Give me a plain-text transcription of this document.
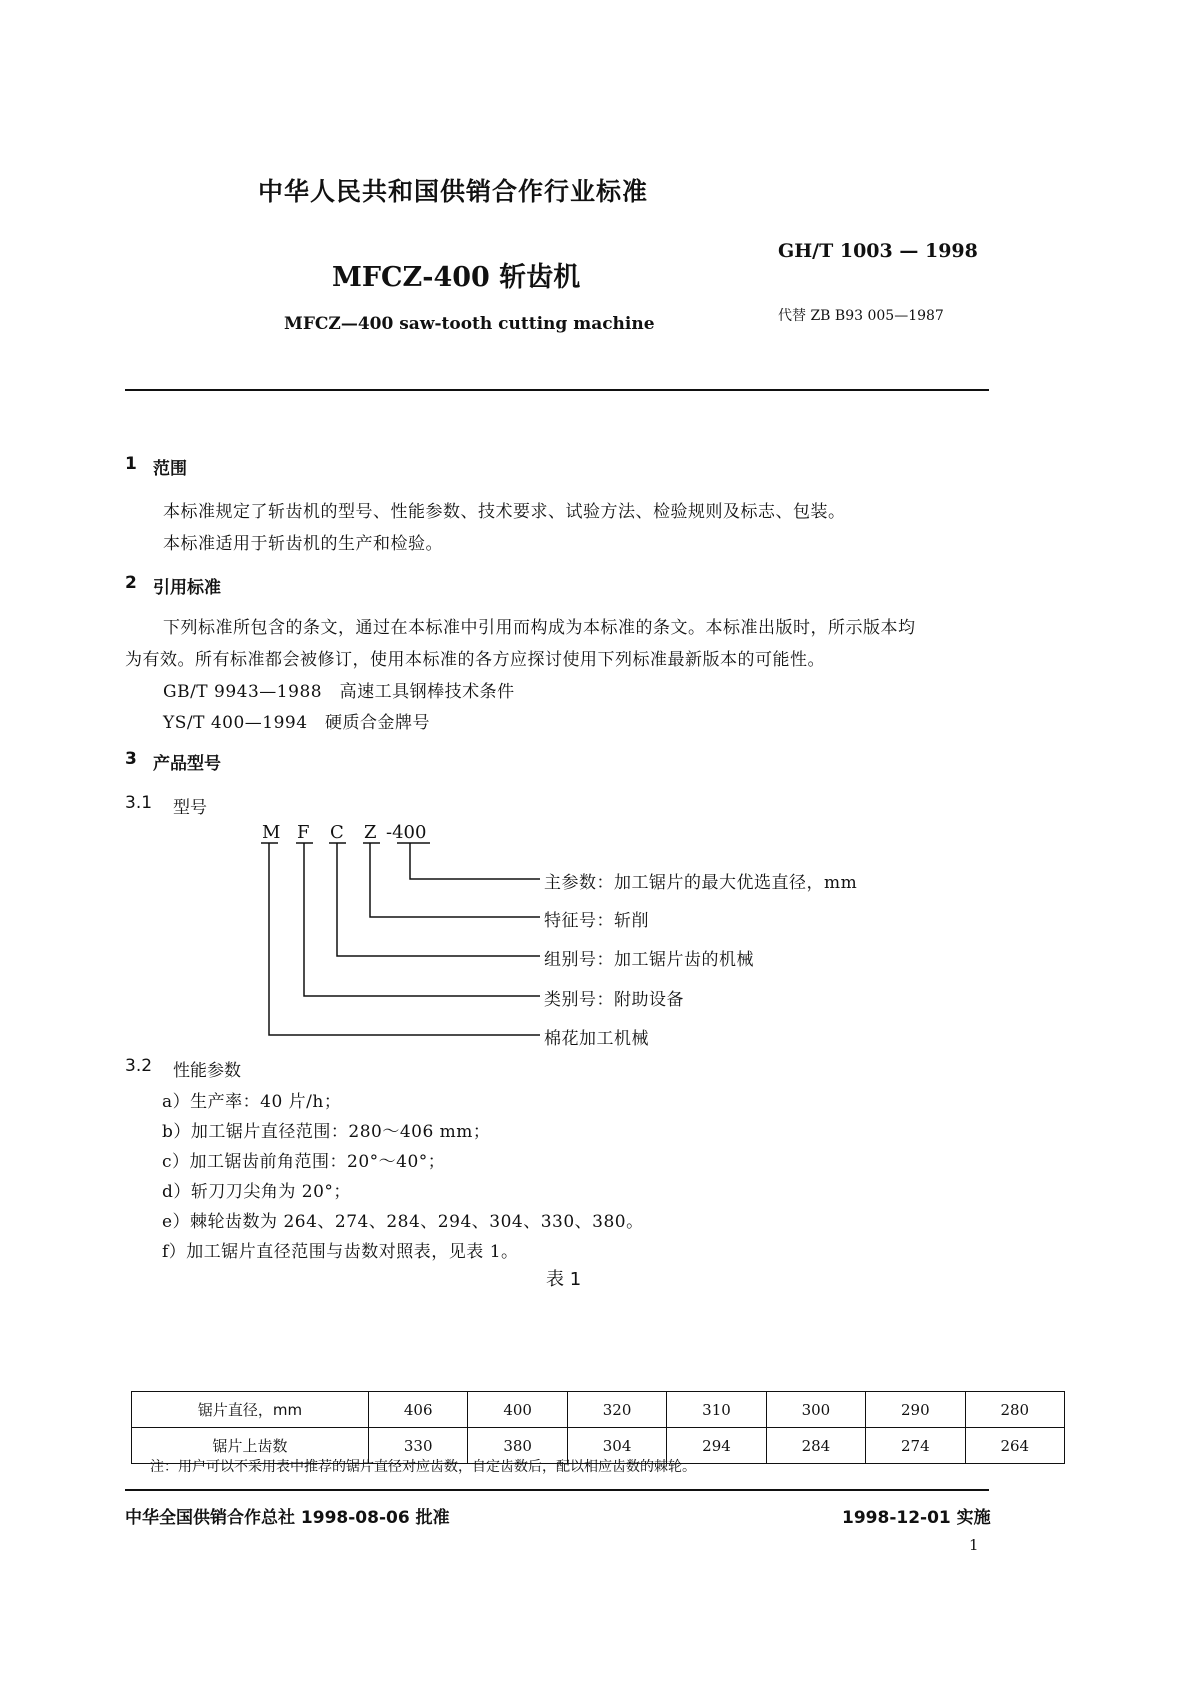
中华人民共和国供销合作行业标准
GH/T 1003 — 1998
MFCZ-400 斩齿机
MFCZ—400 saw-tooth cutting machine	代替 ZB B93 005—1987
1 范围
本标准规定了斩齿机的型号、性能参数、技术要求、试验方法、检验规则及标志、包装。
本标准适用于斩齿机的生产和检验。
2 引用标准
下列标准所包含的条文，通过在本标准中引用而构成为本标准的条文。本标准出版时，所示版本均
为有效。所有标准都会被修订，使用本标准的各方应探讨使用下列标准最新版本的可能性。
GB/T 9943—1988　高速工具钢棒技术条件
YS/T 400—1994　硬质合金牌号
3 产品型号
3.1 型号
M F C Z -400
主参数：加工锯片的最大优选直径，mm
特征号：斩削
组别号：加工锯片齿的机械
类别号：附助设备
棉花加工机械
3.2 性能参数
a）生产率：40 片/h；
b）加工锯片直径范围：280～406 mm；
c）加工锯齿前角范围：20°～40°；
d）斩刀刀尖角为 20°；
e）棘轮齿数为 264、274、284、294、304、330、380。
f）加工锯片直径范围与齿数对照表，见表 1。
表 1
锯片直径，mm	406	400	320	310	300	290	280
锯片上齿数	330	380	304	294	284	274	264
注：用户可以不采用表中推荐的锯片直径对应齿数，自定齿数后，配以相应齿数的棘轮。
中华全国供销合作总社 1998-08-06 批准	1998-12-01 实施
1
